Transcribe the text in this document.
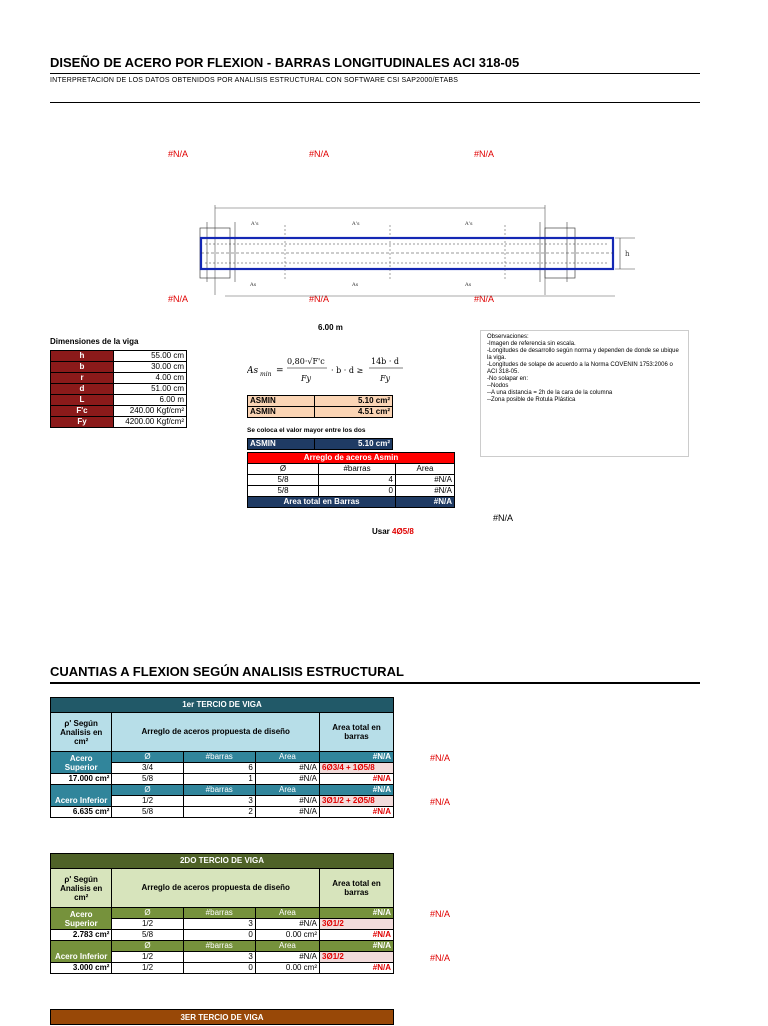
DISEÑO DE ACERO POR FLEXION - BARRAS LONGITUDINALES ACI 318-05
INTERPRETACION DE LOS DATOS OBTENIDOS POR ANALISIS ESTRUCTURAL CON SOFTWARE CSI SAP2000/ETABS
#N/A	#N/A	#N/A
#N/A	#N/A	#N/A
h
A's	A's	A's
As	As	As
6.00 m
Dimensiones de la viga
h	55.00 cm
b	30.00 cm
r	4.00 cm
d	51.00 cm
L	6.00 m
F'c	240.00 Kgf/cm²
Fy	4200.00 Kgf/cm²
As min =
0,80·√F'c
Fy
· b · d ≥
14b · d
Fy
ASMIN	5.10 cm²
ASMIN	4.51 cm²
Se coloca el valor mayor entre los dos
ASMIN	5.10 cm²
Arreglo de aceros Asmin		
Ø	#barras	Area
5/8	4	#N/A
5/8	0	#N/A
Area total en Barras		#N/A
#N/A
Usar 4Ø5/8
Observaciones:
-Imagen de referencia sin escala.
-Longitudes de desarrollo según norma y dependen de donde se ubique la viga.
-Longitudes de solape de acuerdo a la Norma COVENIN 1753:2006 o ACI 318-05.
-No solapar en:
--Nodos
--A una distancia = 2h de la cara de la columna
--Zona posible de Rotula Plástica
CUANTIAS A FLEXION SEGÚN ANALISIS ESTRUCTURAL
1er TERCIO DE VIGA				
ρ' Según Analisis en cm²	Arreglo de aceros propuesta de diseño			Area total en barras
Acero Superior	Ø	#barras	Area	#N/A
	3/4	6	#N/A	6Ø3/4 + 1Ø5/8
17.000 cm²	5/8	1	#N/A	#N/A
Acero Inferior	Ø	#barras	Area	#N/A
	1/2	3	#N/A	3Ø1/2 + 2Ø5/8
6.635 cm²	5/8	2	#N/A	#N/A
#N/A
#N/A
2DO TERCIO DE VIGA				
ρ' Según Analisis en cm²	Arreglo de aceros propuesta de diseño			Area total en barras
Acero Superior	Ø	#barras	Area	#N/A
	1/2	3	#N/A	3Ø1/2
2.783 cm²	5/8	0	0.00 cm²	#N/A
Acero Inferior	Ø	#barras	Area	#N/A
	1/2	3	#N/A	3Ø1/2
3.000 cm²	1/2	0	0.00 cm²	#N/A
#N/A
#N/A
3ER TERCIO DE VIGA
